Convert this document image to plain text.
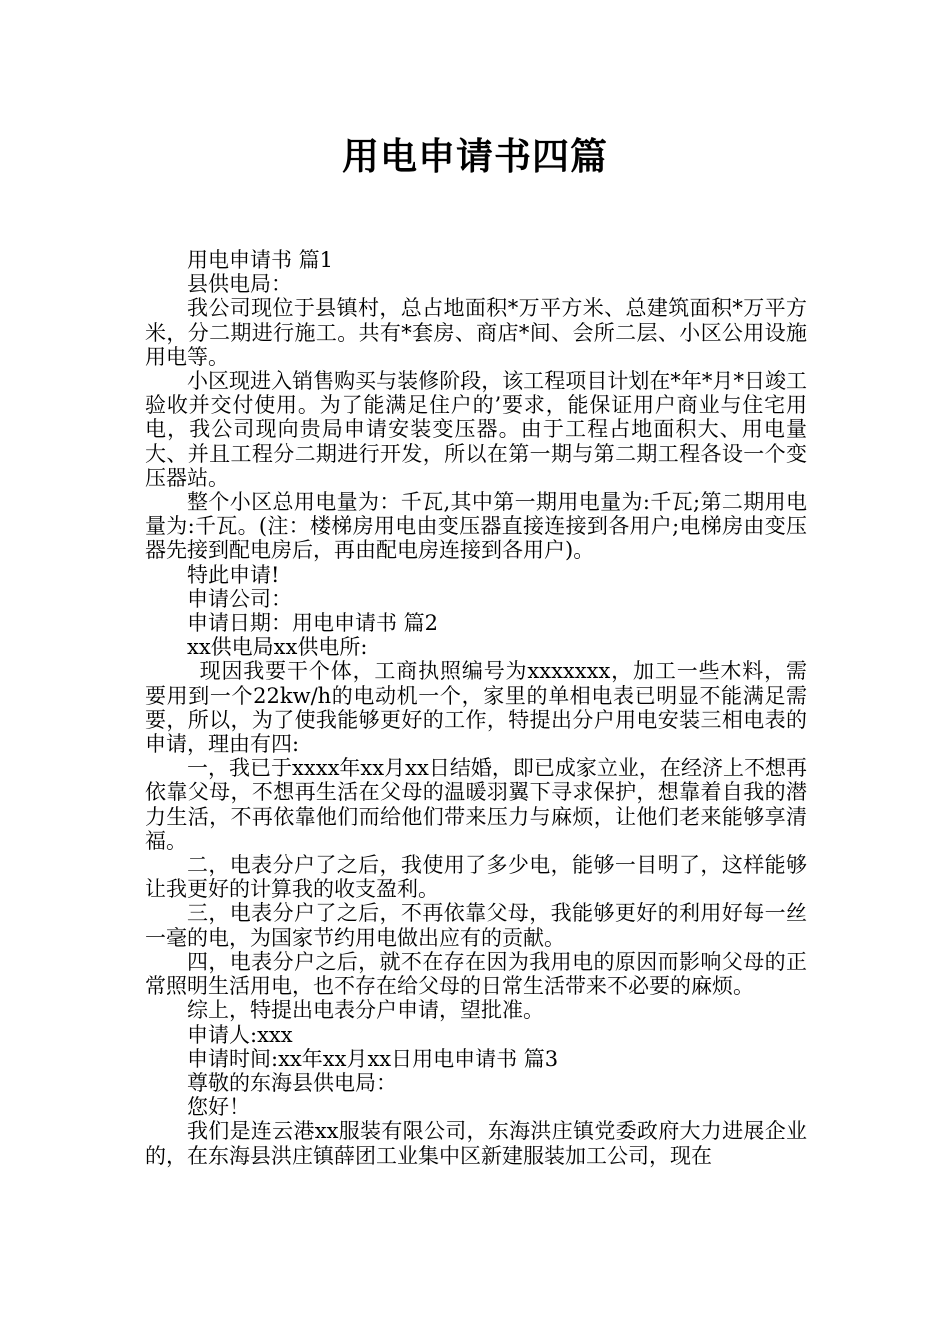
用电申请书四篇

用电申请书 篇1

县供电局：

我公司现位于县镇村，总占地面积*万平方米、总建筑面积*万平方米，分二期进行施工。共有*套房、商店*间、会所二层、小区公用设施用电等。

小区现进入销售购买与装修阶段，该工程项目计划在*年*月*日竣工验收并交付使用。为了能满足住户的’要求，能保证用户商业与住宅用电，我公司现向贵局申请安装变压器。由于工程占地面积大、用电量大、并且工程分二期进行开发，所以在第一期与第二期工程各设一个变压器站。

整个小区总用电量为：千瓦,其中第一期用电量为:千瓦;第二期用电量为:千瓦。(注：楼梯房用电由变压器直接连接到各用户;电梯房由变压器先接到配电房后，再由配电房连接到各用户)。

特此申请!

申请公司：

申请日期：用电申请书 篇2

xx供电局xx供电所:

现因我要干个体，工商执照编号为xxxxxxx，加工一些木料，需要用到一个22kw/h的电动机一个，家里的单相电表已明显不能满足需要，所以，为了使我能够更好的工作，特提出分户用电安装三相电表的申请，理由有四:

一，我已于xxxx年xx月xx日结婚，即已成家立业，在经济上不想再依靠父母，不想再生活在父母的温暖羽翼下寻求保护，想靠着自我的潜力生活，不再依靠他们而给他们带来压力与麻烦，让他们老来能够享清福。

二，电表分户了之后，我使用了多少电，能够一目明了，这样能够让我更好的计算我的收支盈利。

三，电表分户了之后，不再依靠父母，我能够更好的利用好每一丝一毫的电，为国家节约用电做出应有的贡献。

四，电表分户之后，就不在存在因为我用电的原因而影响父母的正常照明生活用电，也不存在给父母的日常生活带来不必要的麻烦。

综上，特提出电表分户申请，望批准。

申请人:xxx

申请时间:xx年xx月xx日用电申请书 篇3

尊敬的东海县供电局：

您好！

我们是连云港xx服装有限公司，东海洪庄镇党委政府大力进展企业的，在东海县洪庄镇薛团工业集中区新建服装加工公司，现在
